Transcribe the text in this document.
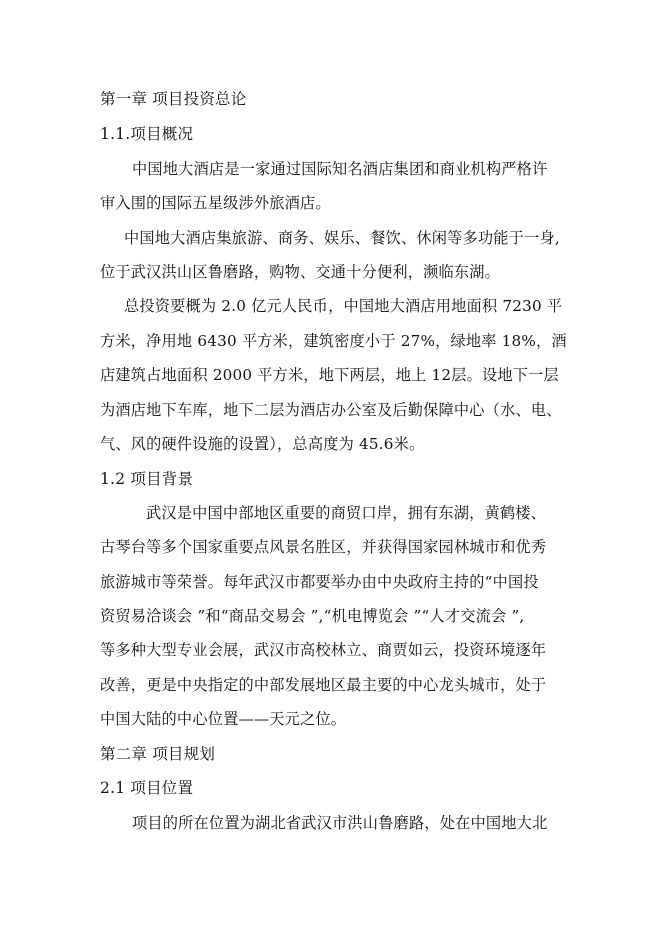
第一章 项目投资总论
1.1.项目概况
中国地大酒店是一家通过国际知名酒店集团和商业机构严格许
审入围的国际五星级涉外旅酒店。
中国地大酒店集旅游、商务、娱乐、餐饮、休闲等多功能于一身,
位于武汉洪山区鲁磨路，购物、交通十分便利，濒临东湖。
总投资要概为 2.0 亿元人民币，中国地大酒店用地面积 7230 平
方米，净用地 6430 平方米，建筑密度小于 27%，绿地率 18%，酒
店建筑占地面积 2000 平方米，地下两层，地上 12层。设地下一层
为酒店地下车库，地下二层为酒店办公室及后勤保障中心（水、电、
气、风的硬件设施的设置），总高度为 45.6米。
1.2 项目背景
武汉是中国中部地区重要的商贸口岸，拥有东湖，黄鹤楼、
古琴台等多个国家重要点风景名胜区，并获得国家园林城市和优秀
旅游城市等荣誉。每年武汉市都要举办由中央政府主持的“中国投
资贸易洽谈会 ”和“商品交易会 ”,“机电博览会 ”“人才交流会 ”,
等多种大型专业会展，武汉市高校林立、商贾如云，投资环境逐年
改善，更是中央指定的中部发展地区最主要的中心龙头城市，处于
中国大陆的中心位置——天元之位。
第二章 项目规划
2.1 项目位置
项目的所在位置为湖北省武汉市洪山鲁磨路，处在中国地大北
